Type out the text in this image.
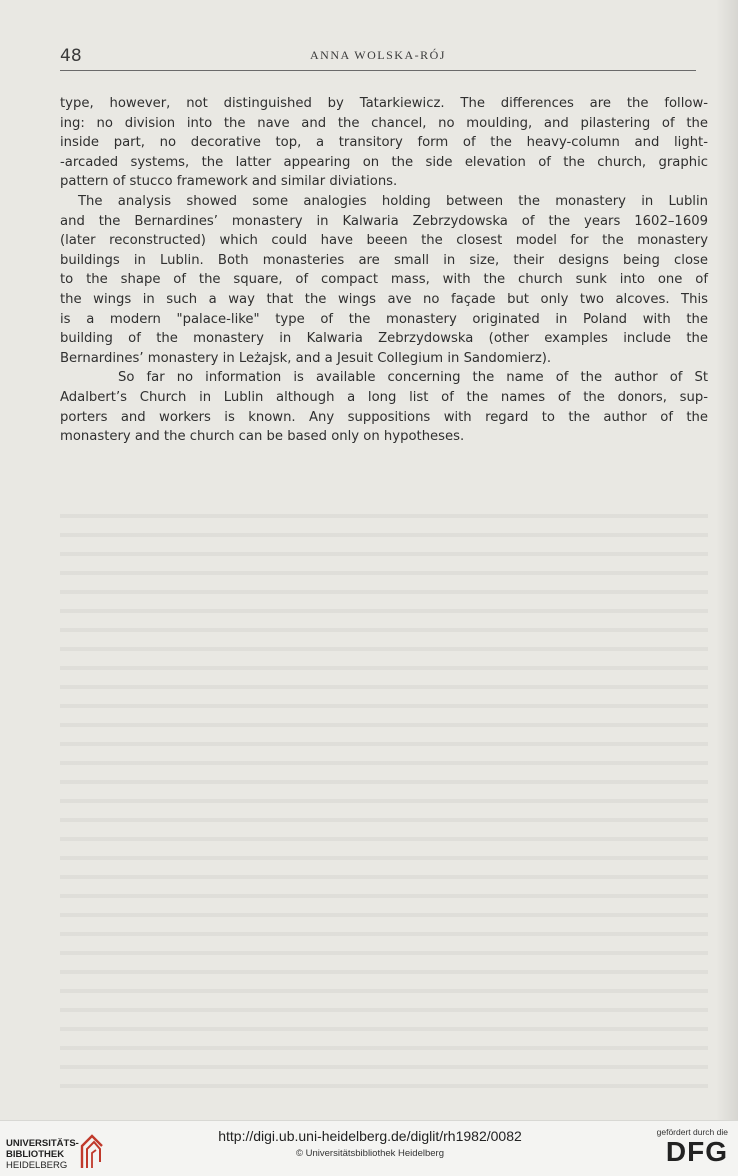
48	ANNA WOLSKA-RÓJ
type, however, not distinguished by Tatarkiewicz. The differences are the follow-
ing: no division into the nave and the chancel, no moulding, and pilastering of the
inside part, no decorative top, a transitory form of the heavy-column and light-
-arcaded systems, the latter appearing on the side elevation of the church, graphic
pattern of stucco framework and similar diviations.
The analysis showed some analogies holding between the monastery in Lublin
and the Bernardines’ monastery in Kalwaria Zebrzydowska of the years 1602–1609
(later reconstructed) which could have beeen the closest model for the monastery
buildings in Lublin. Both monasteries are small in size, their designs being close
to the shape of the square, of compact mass, with the church sunk into one of
the wings in such a way that the wings ave no façade but only two alcoves. This
is a modern "palace-like" type of the monastery originated in Poland with the
building of the monastery in Kalwaria Zebrzydowska (other examples include the
Bernardines’ monastery in Leżajsk, and a Jesuit Collegium in Sandomierz).
So far no information is available concerning the name of the author of St
Adalbert’s Church in Lublin although a long list of the names of the donors, sup-
porters and workers is known. Any suppositions with regard to the author of the
monastery and the church can be based only on hypotheses.
UNIVERSITÄTS-
BIBLIOTHEK
HEIDELBERG
http://digi.ub.uni-heidelberg.de/diglit/rh1982/0082
© Universitätsbibliothek Heidelberg
gefördert durch die
DFG
